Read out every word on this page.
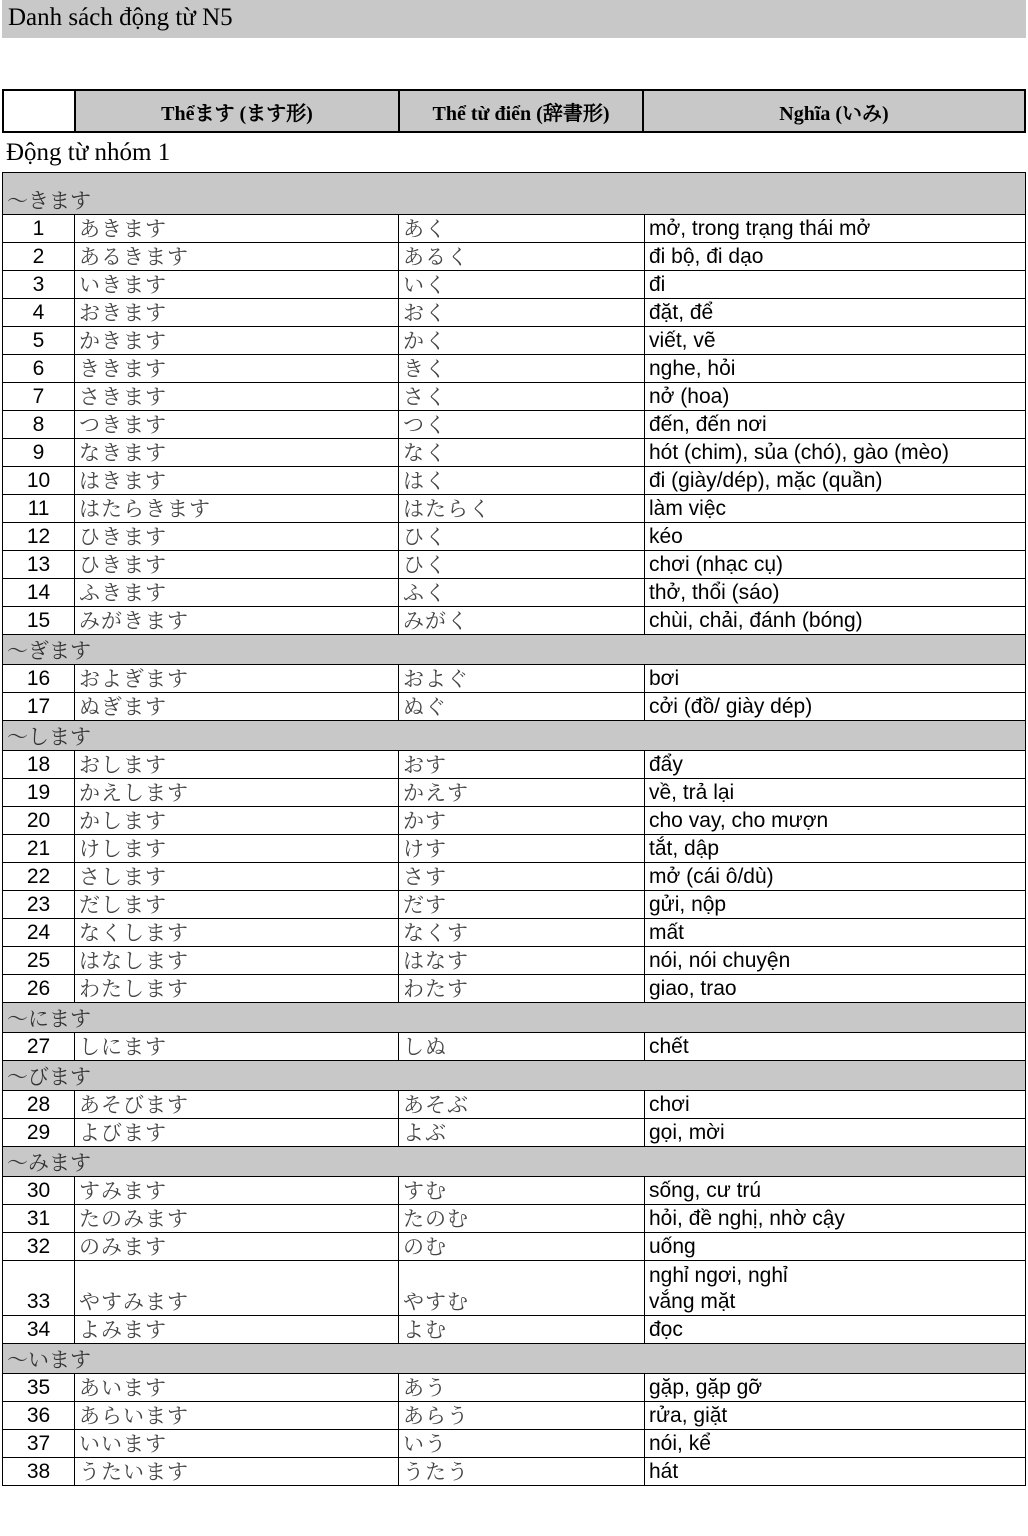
Danh sách động từ N5
	Thểます (ます形)	Thể từ điển (辞書形)	Nghĩa (いみ)
Động từ nhóm 1
～きます			
1	あきます	あく	mở, trong trạng thái mở
2	あるきます	あるく	đi bộ, đi dạo
3	いきます	いく	đi
4	おきます	おく	đặt, để
5	かきます	かく	viết, vẽ
6	ききます	きく	nghe, hỏi
7	さきます	さく	nở (hoa)
8	つきます	つく	đến, đến nơi
9	なきます	なく	hót (chim), sủa (chó), gào (mèo)
10	はきます	はく	đi (giày/dép), mặc (quần)
11	はたらきます	はたらく	làm việc
12	ひきます	ひく	kéo
13	ひきます	ひく	chơi (nhạc cụ)
14	ふきます	ふく	thở, thổi (sáo)
15	みがきます	みがく	chùi, chải, đánh (bóng)
～ぎます			
16	およぎます	およぐ	bơi
17	ぬぎます	ぬぐ	cởi (đồ/ giày dép)
～します			
18	おします	おす	đẩy
19	かえします	かえす	về, trả lại
20	かします	かす	cho vay, cho mượn
21	けします	けす	tắt, dập
22	さします	さす	mở (cái ô/dù)
23	だします	だす	gửi, nộp
24	なくします	なくす	mất
25	はなします	はなす	nói, nói chuyện
26	わたします	わたす	giao, trao
～にます			
27	しにます	しぬ	chết
～びます			
28	あそびます	あそぶ	chơi
29	よびます	よぶ	gọi, mời
～みます			
30	すみます	すむ	sống, cư trú
31	たのみます	たのむ	hỏi, đề nghị, nhờ cậy
32	のみます	のむ	uống
33	やすみます	やすむ	nghỉ ngơi, nghỉ
vắng mặt

34	よみます	よむ	đọc
～います			
35	あいます	あう	gặp, gặp gỡ
36	あらいます	あらう	rửa, giặt
37	いいます	いう	nói, kể
38	うたいます	うたう	hát
